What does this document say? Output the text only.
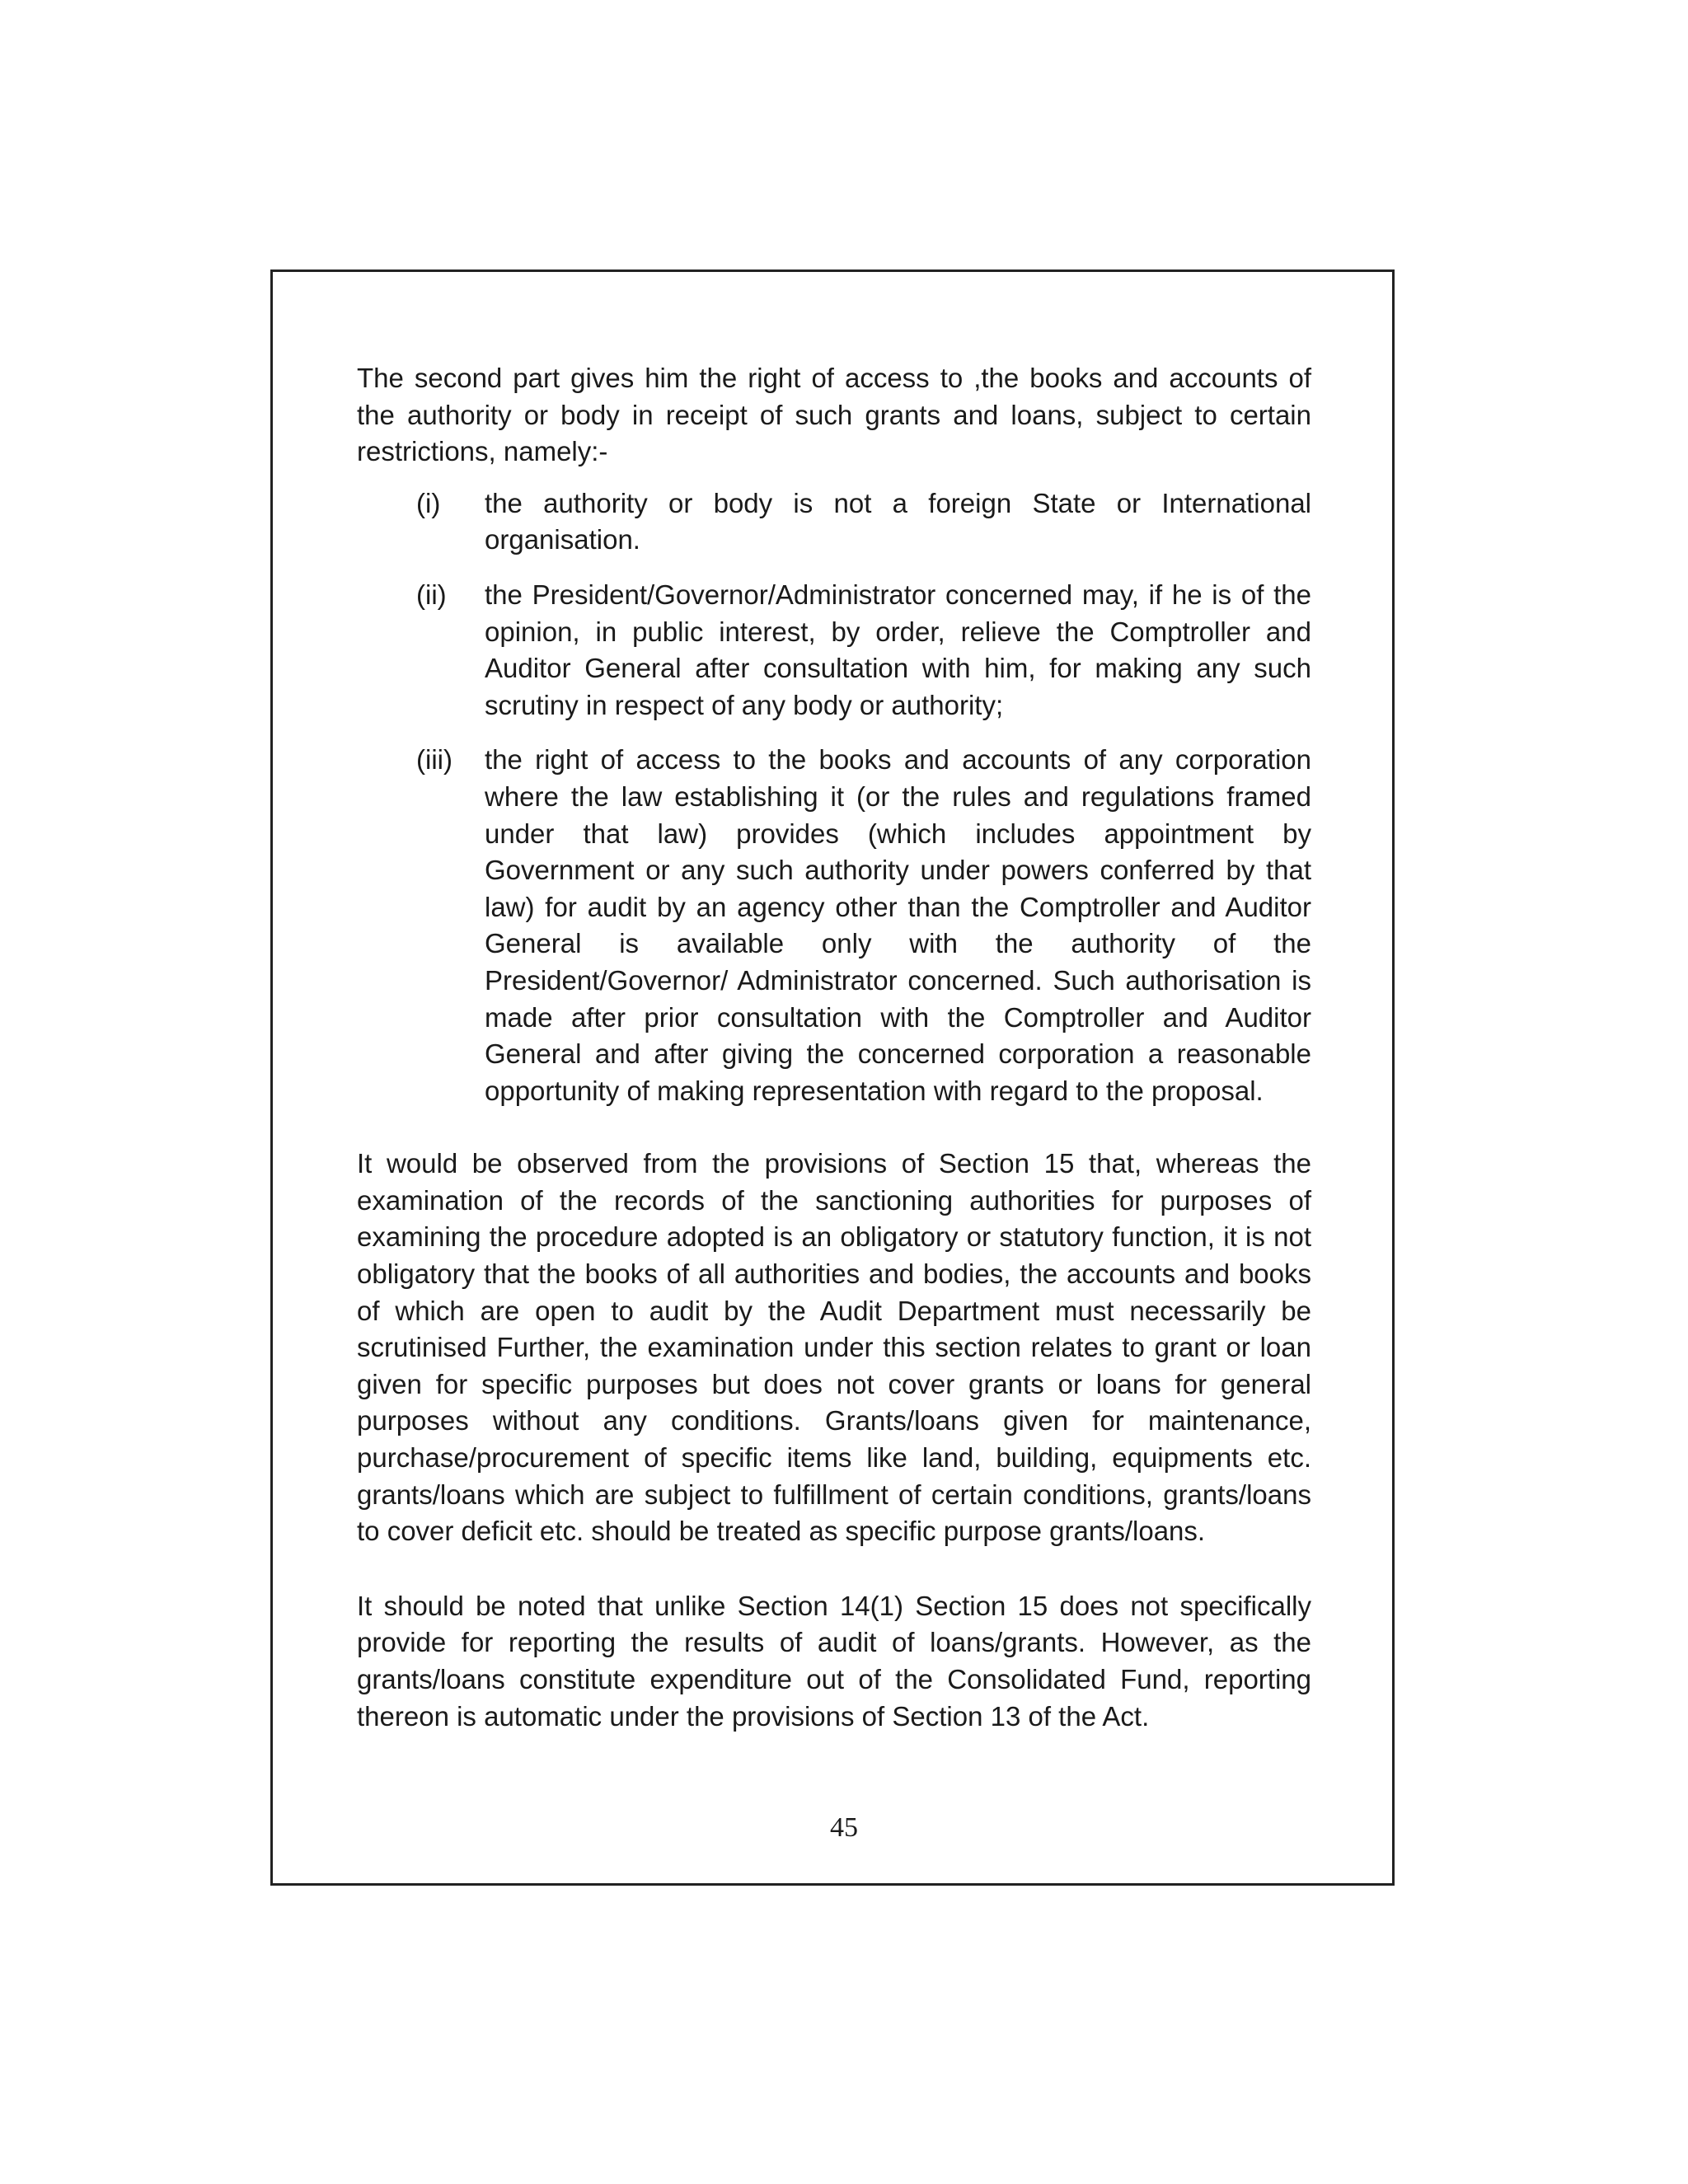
The second part gives him the right of access to ,the books and accounts of the authority or body in receipt of such grants and loans, subject to certain restrictions, namely:-

(i)	the authority or body is not a foreign State or International organisation.
(ii)	the President/Governor/Administrator concerned may, if he is of the opinion, in public interest, by order, relieve the Comptroller and Auditor General after consultation with him, for making any such scrutiny in respect of any body or authority;
(iii)	the right of access to the books and accounts of any corporation where the law establishing it (or the rules and regulations framed under that law) provides (which includes appointment by Government or any such authority under powers conferred by that law) for audit by an agency other than the Comptroller and Auditor General is available only with the authority of the President/Governor/ Administrator concerned. Such authorisation is made after prior consultation with the Comptroller and Auditor General and after giving the concerned corporation a reasonable opportunity of making representation with regard to the proposal.

It would be observed from the provisions of Section 15 that, whereas the examination of the records of the sanctioning authorities for purposes of examining the procedure adopted is an obligatory or statutory function, it is not obligatory that the books of all authorities and bodies, the accounts and books of which are open to audit by the Audit Department must necessarily be scrutinised Further, the examination under this section relates to grant or loan given for specific purposes but does not cover grants or loans for general purposes without any conditions. Grants/loans given for maintenance, purchase/procurement of specific items like land, building, equipments etc. grants/loans which are subject to fulfillment of certain conditions, grants/loans to cover deficit etc. should be treated as specific purpose grants/loans.

It should be noted that unlike Section 14(1) Section 15 does not specifically provide for reporting the results of audit of loans/grants. However, as the grants/loans constitute expenditure out of the Consolidated Fund, reporting thereon is automatic under the provisions of Section 13 of the Act.

45
